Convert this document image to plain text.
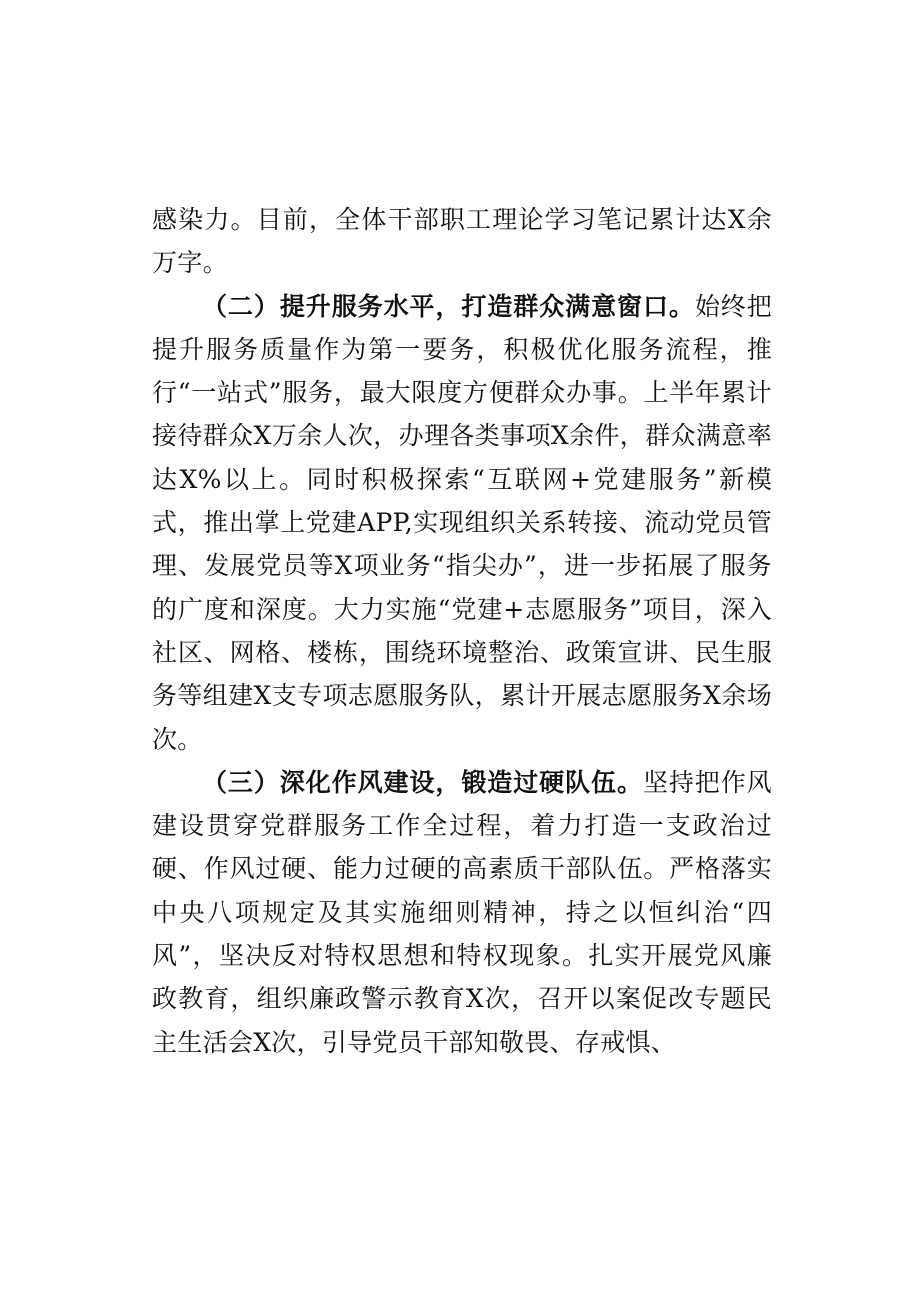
感染力。目前，全体干部职工理论学习笔记累计达X余万字。

（二）提升服务水平，打造群众满意窗口。始终把提升服务质量作为第一要务，积极优化服务流程，推行“一站式”服务，最大限度方便群众办事。上半年累计接待群众X万余人次，办理各类事项X余件，群众满意率达X%以上。同时积极探索“互联网+党建服务”新模式，推出掌上党建APP,实现组织关系转接、流动党员管理、发展党员等X项业务“指尖办”，进一步拓展了服务的广度和深度。大力实施“党建+志愿服务”项目，深入社区、网格、楼栋，围绕环境整治、政策宣讲、民生服务等组建X支专项志愿服务队，累计开展志愿服务X余场次。

（三）深化作风建设，锻造过硬队伍。坚持把作风建设贯穿党群服务工作全过程，着力打造一支政治过硬、作风过硬、能力过硬的高素质干部队伍。严格落实中央八项规定及其实施细则精神，持之以恒纠治“四风”，坚决反对特权思想和特权现象。扎实开展党风廉政教育，组织廉政警示教育X次，召开以案促改专题民主生活会X次，引导党员干部知敬畏、存戒惧、
